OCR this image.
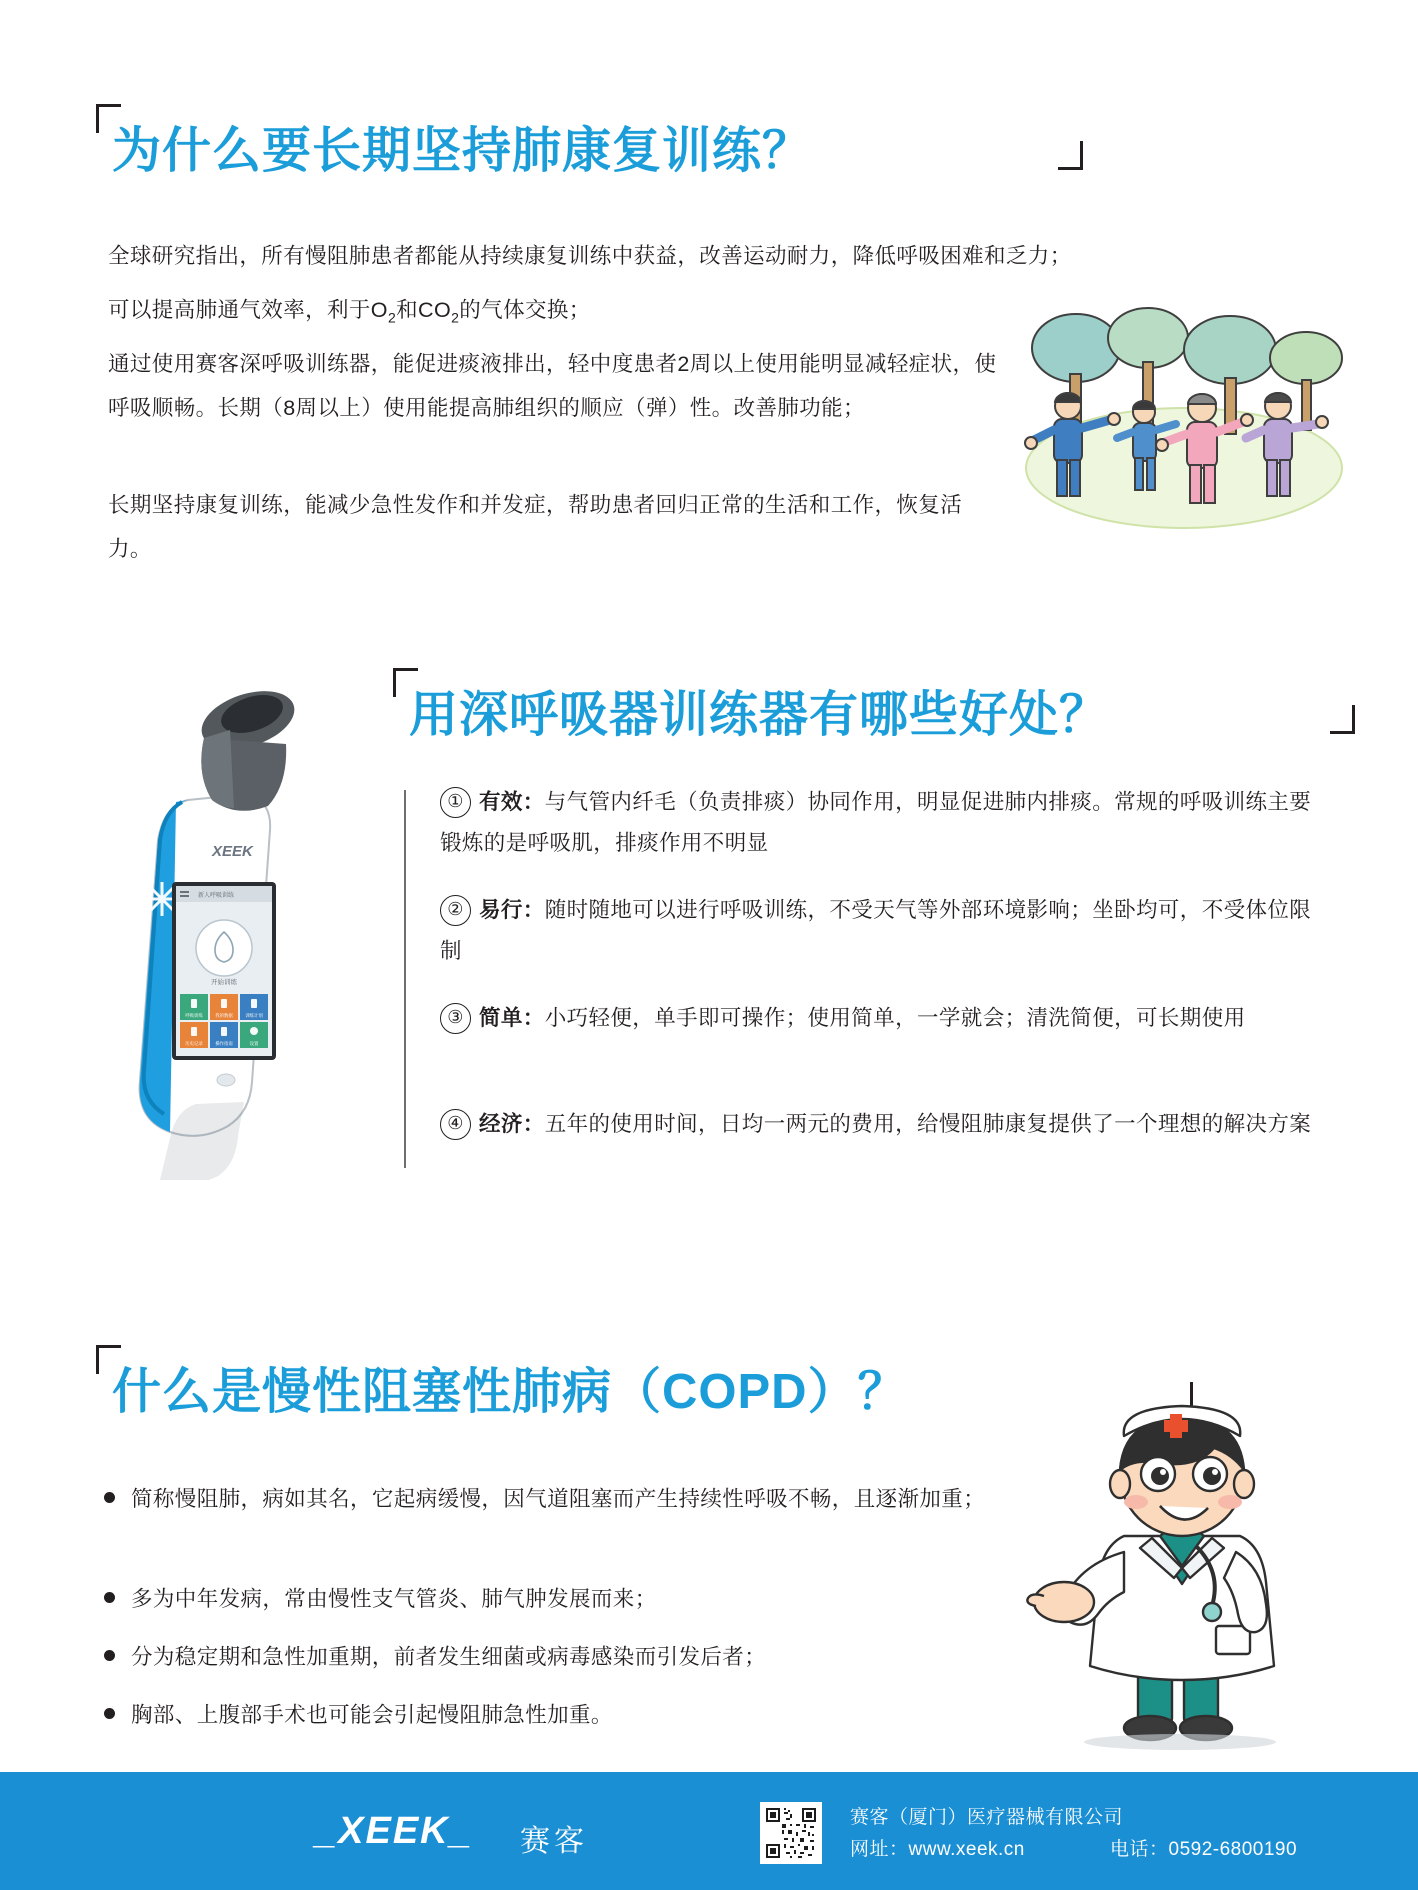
为什么要长期坚持肺康复训练？
全球研究指出，所有慢阻肺患者都能从持续康复训练中获益，改善运动耐力，降低呼吸困难和乏力；
可以提高肺通气效率，利于$O_2$和$CO_2$的气体交换；
通过使用赛客深呼吸训练器，能促进痰液排出，轻中度患者2周以上使用能明显减轻症状，使呼吸顺畅。长期（8周以上）使用能提高肺组织的顺应（弹）性。改善肺功能；
长期坚持康复训练，能减少急性发作和并发症，帮助患者回归正常的生活和工作，恢复活力。
用深呼吸器训练器有哪些好处？
新人呼吸训练
开始训练
呼吸训练	我的数据	训练计划
历史记录	操作指南	设置
XEEK
① 有效：与气管内纤毛（负责排痰）协同作用，明显促进肺内排痰。常规的呼吸训练主要锻炼的是呼吸肌，排痰作用不明显
② 易行：随时随地可以进行呼吸训练，不受天气等外部环境影响；坐卧均可，不受体位限制
③ 简单：小巧轻便，单手即可操作；使用简单，一学就会；清洗简便，可长期使用
④ 经济：五年的使用时间，日均一两元的费用，给慢阻肺康复提供了一个理想的解决方案
什么是慢性阻塞性肺病（COPD）？
简称慢阻肺，病如其名，它起病缓慢，因气道阻塞而产生持续性呼吸不畅，且逐渐加重；
多为中年发病，常由慢性支气管炎、肺气肿发展而来；
分为稳定期和急性加重期，前者发生细菌或病毒感染而引发后者；
胸部、上腹部手术也可能会引起慢阻肺急性加重。
_XEEK_ 赛客
赛客（厦门）医疗器械有限公司
网址：www.xeek.cn	电话：0592-6800190
